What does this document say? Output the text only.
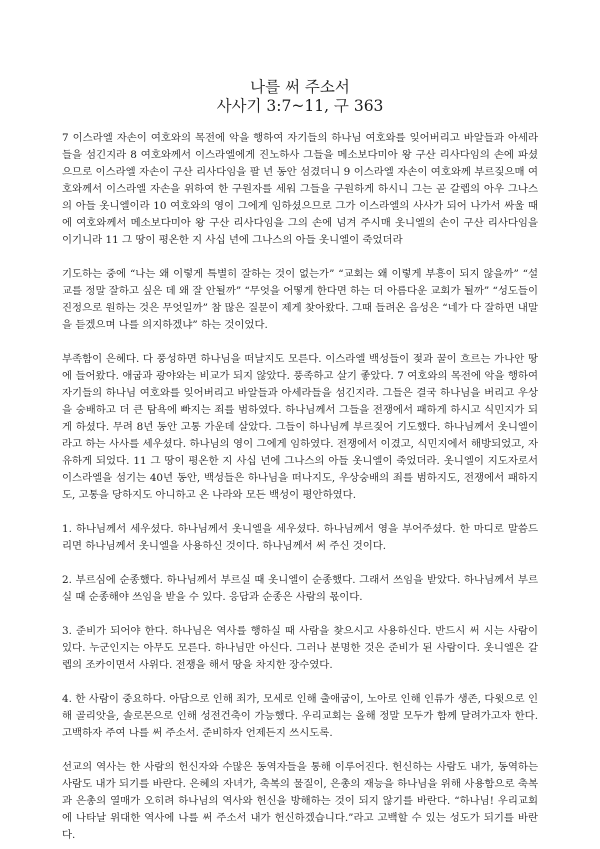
나를 써 주소서
사사기 3:7~11, 구 363

7 이스라엘 자손이 여호와의 목전에 악을 행하여 자기들의 하나님 여호와를 잊어버리고 바알들과 아세라들을 섬긴지라 8 여호와께서 이스라엘에게 진노하사 그들을 메소보다미아 왕 구산 리사다임의 손에 파셨으므로 이스라엘 자손이 구산 리사다임을 팔 년 동안 섬겼더니 9 이스라엘 자손이 여호와께 부르짖으매 여호와께서 이스라엘 자손을 위하여 한 구원자를 세워 그들을 구원하게 하시니 그는 곧 갈렙의 아우 그나스의 아들 옷니엘이라 10 여호와의 영이 그에게 임하셨으므로 그가 이스라엘의 사사가 되어 나가서 싸울 때에 여호와께서 메소보다미아 왕 구산 리사다임을 그의 손에 넘겨 주시매 옷니엘의 손이 구산 리사다임을 이기니라 11 그 땅이 평온한 지 사십 년에 그나스의 아들 옷니엘이 죽었더라

기도하는 중에 “나는 왜 이렇게 특별히 잘하는 것이 없는가” “교회는 왜 이렇게 부흥이 되지 않을까” “설교를 정말 잘하고 싶은 데 왜 잘 안될까” “무엇을 어떻게 한다면 하는 더 아름다운 교회가 될까” “성도들이 진정으로 원하는 것은 무엇일까” 참 많은 질문이 제게 찾아왔다. 그때 들려온 음성은 “네가 다 잘하면 내말을 듣겠으며 나를 의지하겠냐” 하는 것이었다.

부족함이 은혜다. 다 풍성하면 하나님을 떠날지도 모른다. 이스라엘 백성들이 젖과 꿀이 흐르는 가나안 땅에 들어왔다. 애굽과 광야와는 비교가 되지 않았다. 풍족하고 살기 좋았다. 7 여호와의 목전에 악을 행하여 자기들의 하나님 여호와를 잊어버리고 바알들과 아세라들을 섬긴지라. 그들은 결국 하나님을 버리고 우상을 숭배하고 더 큰 탐욕에 빠지는 죄를 범하였다. 하나님께서 그들을 전쟁에서 패하게 하시고 식민지가 되게 하셨다. 무려 8년 동안 고통 가운데 살았다. 그들이 하나님께 부르짖어 기도했다. 하나님께서 옷니엘이라고 하는 사사를 세우셨다. 하나님의 영이 그에게 임하였다. 전쟁에서 이겼고, 식민지에서 해방되었고, 자유하게 되었다. 11 그 땅이 평온한 지 사십 년에 그나스의 아들 옷니엘이 죽었더라. 옷니엘이 지도자로서 이스라엘을 섬기는 40년 동안, 백성들은 하나님을 떠나지도, 우상숭배의 죄를 범하지도, 전쟁에서 패하지도, 고통을 당하지도 아니하고 온 나라와 모든 백성이 평안하였다.

1. 하나님께서 세우셨다. 하나님께서 옷니엘을 세우셨다. 하나님께서 영을 부어주셨다. 한 마디로 말씀드리면 하나님께서 옷니엘을 사용하신 것이다. 하나님께서 써 주신 것이다.

2. 부르심에 순종했다. 하나님께서 부르실 때 옷니엘이 순종했다. 그래서 쓰임을 받았다. 하나님께서 부르실 때 순종해야 쓰임을 받을 수 있다. 응답과 순종은 사람의 몫이다.

3. 준비가 되어야 한다. 하나님은 역사를 행하실 때 사람을 찾으시고 사용하신다. 반드시 써 시는 사람이 있다. 누군인지는 아무도 모른다. 하나님만 아신다. 그러나 분명한 것은 준비가 된 사람이다. 옷니엘은 갈렙의 조카이면서 사위다. 전쟁을 해서 땅을 차지한 장수였다.

4. 한 사람이 중요하다. 아담으로 인해 죄가, 모세로 인해 출애굽이, 노아로 인해 인류가 생존, 다윗으로 인해 골리앗을, 솔로몬으로 인해 성전건축이 가능했다. 우리교회는 올해 정말 모두가 함께 달려가고자 한다. 고백하자 주여 나를 써 주소서. 준비하자 언제든지 쓰시도록.

선교의 역사는 한 사람의 헌신자와 수많은 동역자들을 통해 이루어진다. 헌신하는 사람도 내가, 동역하는 사람도 내가 되기를 바란다. 은혜의 자녀가, 축복의 물질이, 은총의 재능을 하나님을 위해 사용함으로 축복과 은총의 열매가 오히려 하나님의 역사와 헌신을 방해하는 것이 되지 않기를 바란다. “하나님! 우리교회에 나타날 위대한 역사에 나를 써 주소서 내가 헌신하겠습니다.”라고 고백할 수 있는 성도가 되기를 바란다.
